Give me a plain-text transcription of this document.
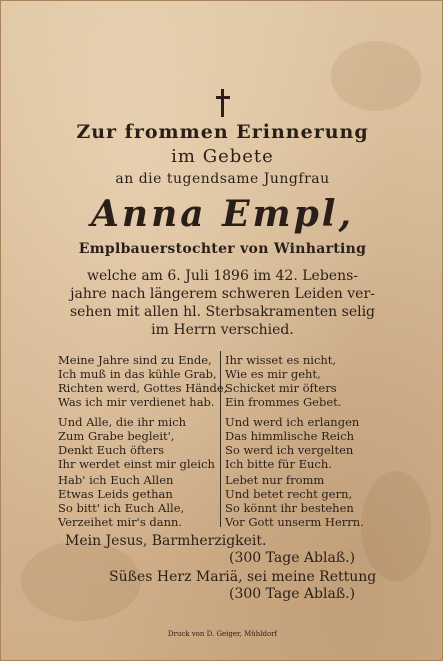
Zur frommen Erinnerung
im Gebete
an die tugendsame Jungfrau
Anna Empl,
Emplbauerstochter von Winharting
welche am 6. Juli 1896 im 42. Lebens-
jahre nach längerem schweren Leiden ver-
sehen mit allen hl. Sterbsakramenten selig
im Herrn verschied.
Meine Jahre sind zu Ende,
Ich muß in das kühle Grab,
Richten werd, Gottes Hände,
Was ich mir verdienet hab.
Und Alle, die ihr mich
Zum Grabe begleit',
Denkt Euch öfters
Ihr werdet einst mir gleich
Hab' ich Euch Allen
Etwas Leids gethan
So bitt' ich Euch Alle,
Verzeihet mir's dann.
Ihr wisset es nicht,
Wie es mir geht,
Schicket mir öfters
Ein frommes Gebet.
Und werd ich erlangen
Das himmlische Reich
So werd ich vergelten
Ich bitte für Euch.
Lebet nur fromm
Und betet recht gern,
So könnt ihr bestehen
Vor Gott unserm Herrn.
Mein Jesus, Barmherzigkeit.
(300 Tage Ablaß.)
Süßes Herz Mariä, sei meine Rettung
(300 Tage Ablaß.)
Druck von D. Geiger, Mühldorf
